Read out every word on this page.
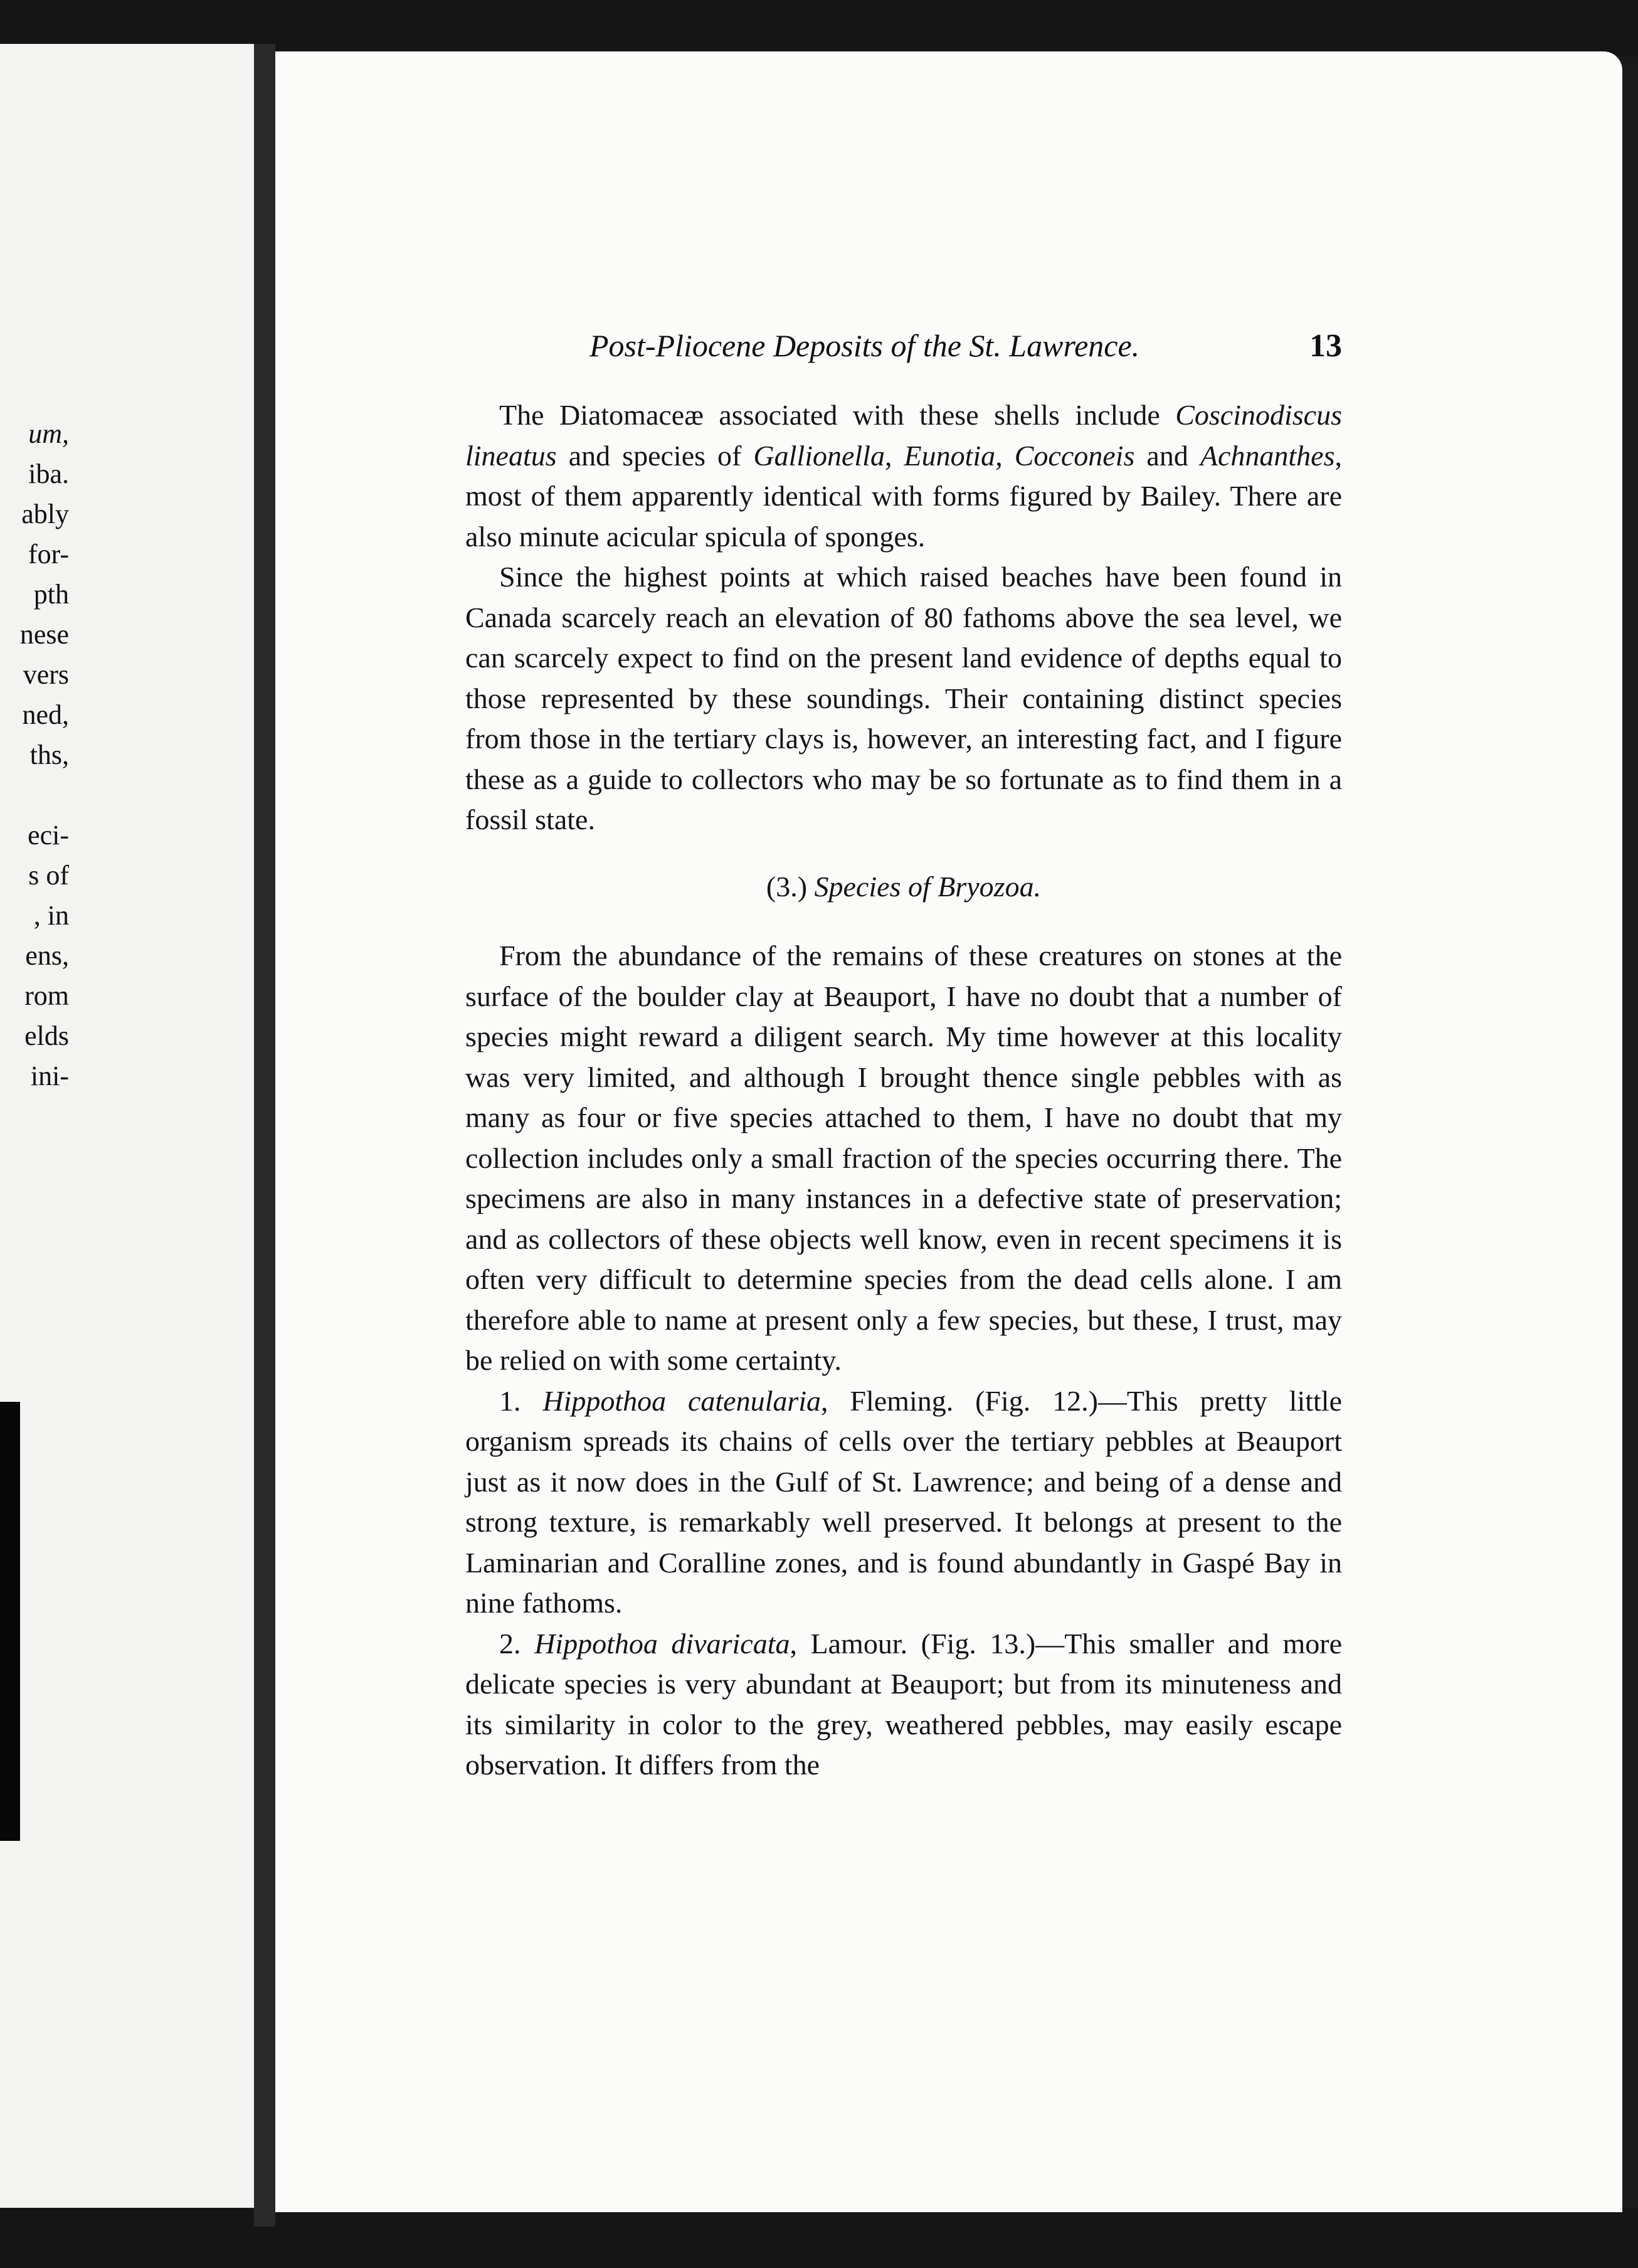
um,
iba.
ably
for-
pth
nese
vers
ned,
ths,
eci-
s of
, in
ens,
rom
elds
ini-
Post-Pliocene Deposits of the St. Lawrence.	13

The Diatomaceæ associated with these shells include Coscinodiscus lineatus and species of Gallionella, Eunotia, Cocconeis and Achnanthes, most of them apparently identical with forms figured by Bailey. There are also minute acicular spicula of sponges.

Since the highest points at which raised beaches have been found in Canada scarcely reach an elevation of 80 fathoms above the sea level, we can scarcely expect to find on the present land evidence of depths equal to those represented by these soundings. Their containing distinct species from those in the tertiary clays is, however, an interesting fact, and I figure these as a guide to collectors who may be so fortunate as to find them in a fossil state.

(3.) Species of Bryozoa.

From the abundance of the remains of these creatures on stones at the surface of the boulder clay at Beauport, I have no doubt that a number of species might reward a diligent search. My time however at this locality was very limited, and although I brought thence single pebbles with as many as four or five species attached to them, I have no doubt that my collection includes only a small fraction of the species occurring there. The specimens are also in many instances in a defective state of preservation; and as collectors of these objects well know, even in recent specimens it is often very difficult to determine species from the dead cells alone. I am therefore able to name at present only a few species, but these, I trust, may be relied on with some certainty.

1. Hippothoa catenularia, Fleming. (Fig. 12.)—This pretty little organism spreads its chains of cells over the tertiary pebbles at Beauport just as it now does in the Gulf of St. Lawrence; and being of a dense and strong texture, is remarkably well preserved. It belongs at present to the Laminarian and Coralline zones, and is found abundantly in Gaspé Bay in nine fathoms.

2. Hippothoa divaricata, Lamour. (Fig. 13.)—This smaller and more delicate species is very abundant at Beauport; but from its minuteness and its similarity in color to the grey, weathered pebbles, may easily escape observation. It differs from the
